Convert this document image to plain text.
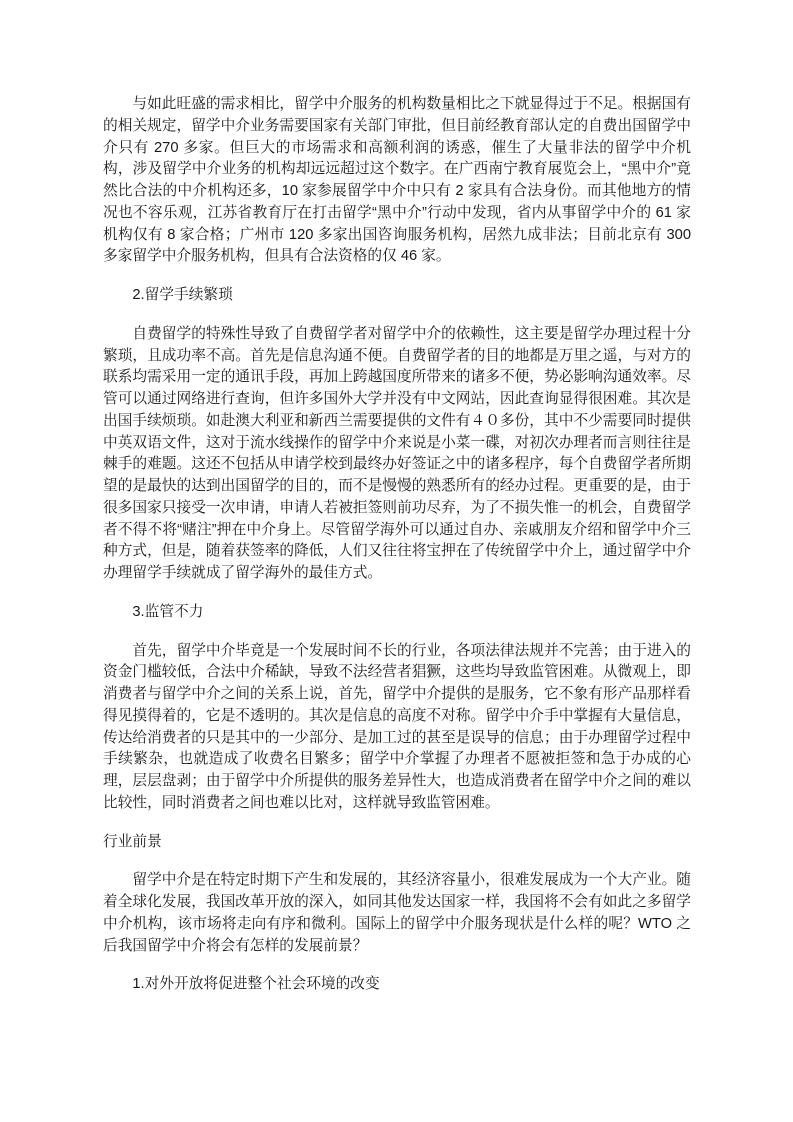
与如此旺盛的需求相比，留学中介服务的机构数量相比之下就显得过于不足。根据国有的相关规定，留学中介业务需要国家有关部门审批，但目前经教育部认定的自费出国留学中介只有 270 多家。但巨大的市场需求和高额利润的诱惑，催生了大量非法的留学中介机构，涉及留学中介业务的机构却远远超过这个数字。在广西南宁教育展览会上，“黑中介”竟然比合法的中介机构还多，10 家参展留学中介中只有 2 家具有合法身份。而其他地方的情况也不容乐观，江苏省教育厅在打击留学“黑中介”行动中发现，省内从事留学中介的 61 家机构仅有 8 家合格；广州市 120 多家出国咨询服务机构，居然九成非法；目前北京有 300 多家留学中介服务机构，但具有合法资格的仅 46 家。

2.留学手续繁琐

自费留学的特殊性导致了自费留学者对留学中介的依赖性，这主要是留学办理过程十分繁琐，且成功率不高。首先是信息沟通不便。自费留学者的目的地都是万里之遥，与对方的联系均需采用一定的通讯手段，再加上跨越国度所带来的诸多不便，势必影响沟通效率。尽管可以通过网络进行查询，但许多国外大学并没有中文网站，因此查询显得很困难。其次是出国手续烦琐。如赴澳大利亚和新西兰需要提供的文件有４０多份，其中不少需要同时提供中英双语文件，这对于流水线操作的留学中介来说是小菜一碟，对初次办理者而言则往往是棘手的难题。这还不包括从申请学校到最终办好签证之中的诸多程序，每个自费留学者所期望的是最快的达到出国留学的目的，而不是慢慢的熟悉所有的经办过程。更重要的是，由于很多国家只接受一次申请，申请人若被拒签则前功尽弃，为了不损失惟一的机会，自费留学者不得不将“赌注”押在中介身上。尽管留学海外可以通过自办、亲戚朋友介绍和留学中介三种方式，但是，随着获签率的降低，人们又往往将宝押在了传统留学中介上，通过留学中介办理留学手续就成了留学海外的最佳方式。

3.监管不力

首先，留学中介毕竟是一个发展时间不长的行业，各项法律法规并不完善；由于进入的资金门槛较低，合法中介稀缺，导致不法经营者猖獗，这些均导致监管困难。从微观上，即消费者与留学中介之间的关系上说，首先，留学中介提供的是服务，它不象有形产品那样看得见摸得着的，它是不透明的。其次是信息的高度不对称。留学中介手中掌握有大量信息，传达给消费者的只是其中的一少部分、是加工过的甚至是误导的信息；由于办理留学过程中手续繁杂，也就造成了收费名目繁多；留学中介掌握了办理者不愿被拒签和急于办成的心理，层层盘剥；由于留学中介所提供的服务差异性大，也造成消费者在留学中介之间的难以比较性，同时消费者之间也难以比对，这样就导致监管困难。

行业前景

留学中介是在特定时期下产生和发展的，其经济容量小，很难发展成为一个大产业。随着全球化发展，我国改革开放的深入，如同其他发达国家一样，我国将不会有如此之多留学中介机构，该市场将走向有序和微利。国际上的留学中介服务现状是什么样的呢？WTO 之后我国留学中介将会有怎样的发展前景？

1.对外开放将促进整个社会环境的改变
